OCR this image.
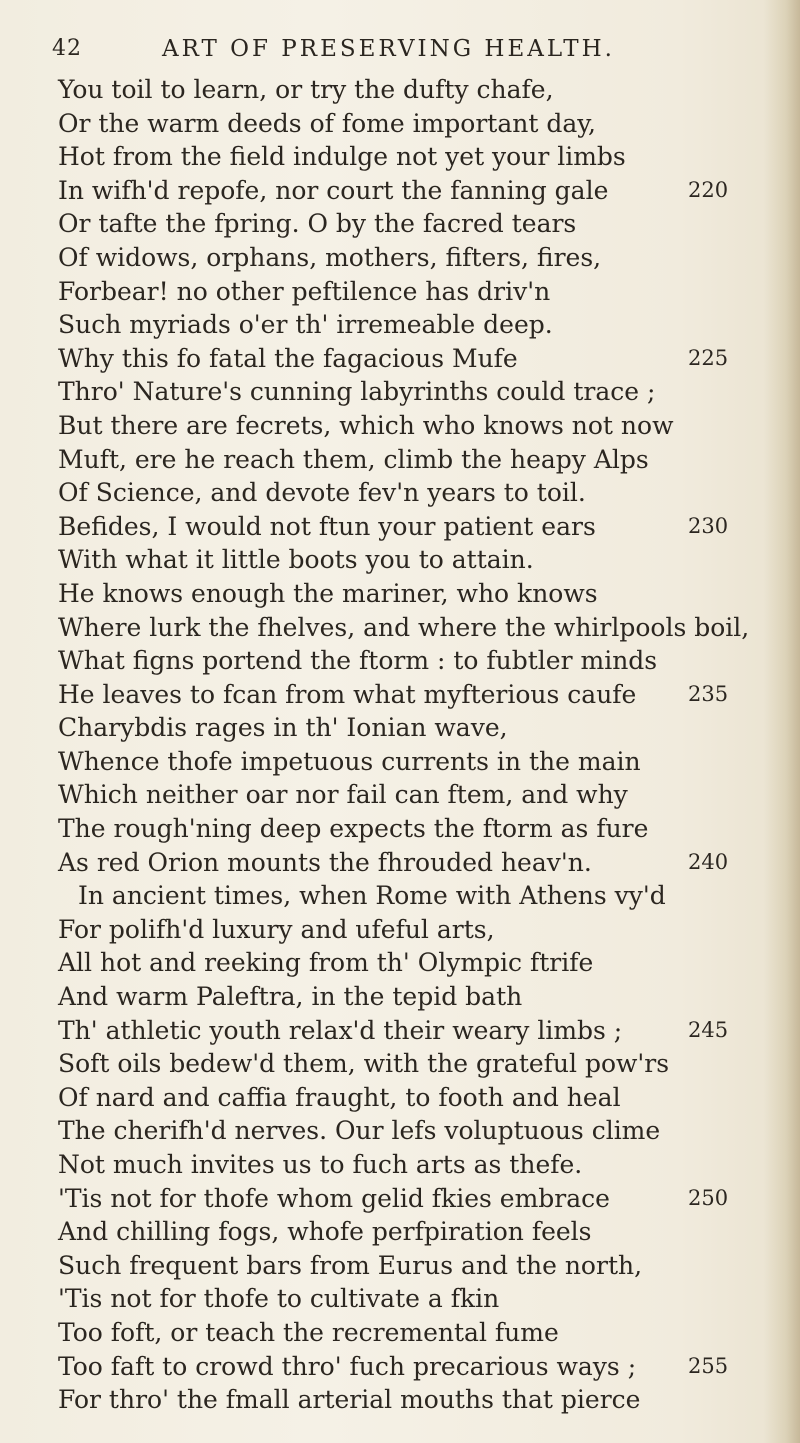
42	ART OF PRESERVING HEALTH.
You toil to learn, or try the dufty chafe,
Or the warm deeds of fome important day,
Hot from the field indulge not yet your limbs
In wifh'd repofe, nor court the fanning gale	220
Or tafte the fpring. O by the facred tears
Of widows, orphans, mothers, fifters, fires,
Forbear! no other peftilence has driv'n
Such myriads o'er th' irremeable deep.
Why this fo fatal the fagacious Mufe	225
Thro' Nature's cunning labyrinths could trace ;
But there are fecrets, which who knows not now
Muft, ere he reach them, climb the heapy Alps
Of Science, and devote fev'n years to toil.
Befides, I would not ftun your patient ears	230
With what it little boots you to attain.
He knows enough the mariner, who knows
Where lurk the fhelves, and where the whirlpools boil,
What figns portend the ftorm : to fubtler minds
He leaves to fcan from what myfterious caufe 235
Charybdis rages in th' Ionian wave,
Whence thofe impetuous currents in the main
Which neither oar nor fail can ftem, and why
The rough'ning deep expects the ftorm as fure
As red Orion mounts the fhrouded heav'n.	240
In ancient times, when Rome with Athens vy'd
For polifh'd luxury and ufeful arts,
All hot and reeking from th' Olympic ftrife
And warm Paleftra, in the tepid bath
Th' athletic youth relax'd their weary limbs ;	245
Soft oils bedew'd them, with the grateful pow'rs
Of nard and caffia fraught, to footh and heal
The cherifh'd nerves. Our lefs voluptuous clime
Not much invites us to fuch arts as thefe.
'Tis not for thofe whom gelid fkies embrace	250
And chilling fogs, whofe perfpiration feels
Such frequent bars from Eurus and the north,
'Tis not for thofe to cultivate a fkin
Too foft, or teach the recremental fume
Too faft to crowd thro' fuch precarious ways ; 255
For thro' the fmall arterial mouths that pierce
